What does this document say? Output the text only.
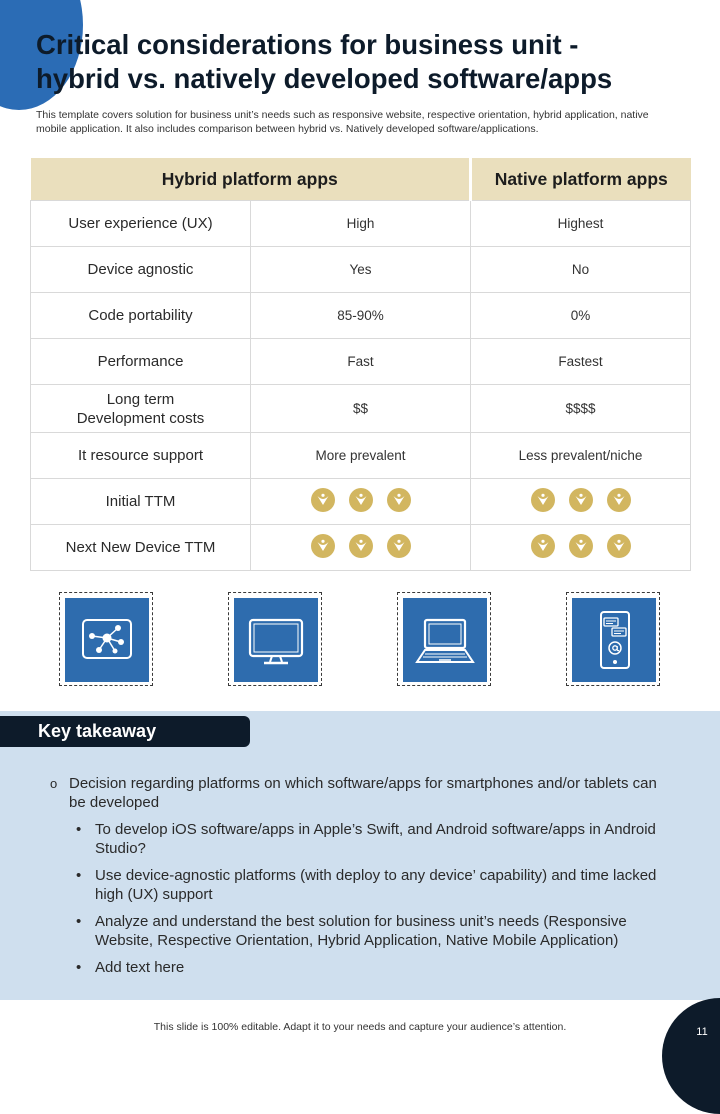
Critical considerations for business unit -
hybrid vs. natively developed software/apps

This template covers solution for business unit’s needs such as responsive website, respective orientation, hybrid application, native mobile application. It also includes comparison between hybrid vs. Natively developed software/applications.

Hybrid platform apps		Native platform apps
User experience (UX)	High	Highest
Device agnostic	Yes	No
Code portability	85-90%	0%
Performance	Fast	Fastest
Long term
Development costs	$$	$$$$
It resource support	More prevalent	Less prevalent/niche
Initial TTM	

Next New Device TTM	

Key takeaway
o Decision regarding platforms on which software/apps for smartphones and/or tablets can be developed
• To develop iOS software/apps in Apple’s Swift, and Android software/apps in Android Studio?
• Use device-agnostic platforms (with deploy to any device’ capability) and time lacked high (UX) support
• Analyze and understand the best solution for business unit’s needs (Responsive Website, Respective Orientation, Hybrid Application, Native Mobile Application)
• Add text here
This slide is 100% editable. Adapt it to your needs and capture your audience’s attention.	11
